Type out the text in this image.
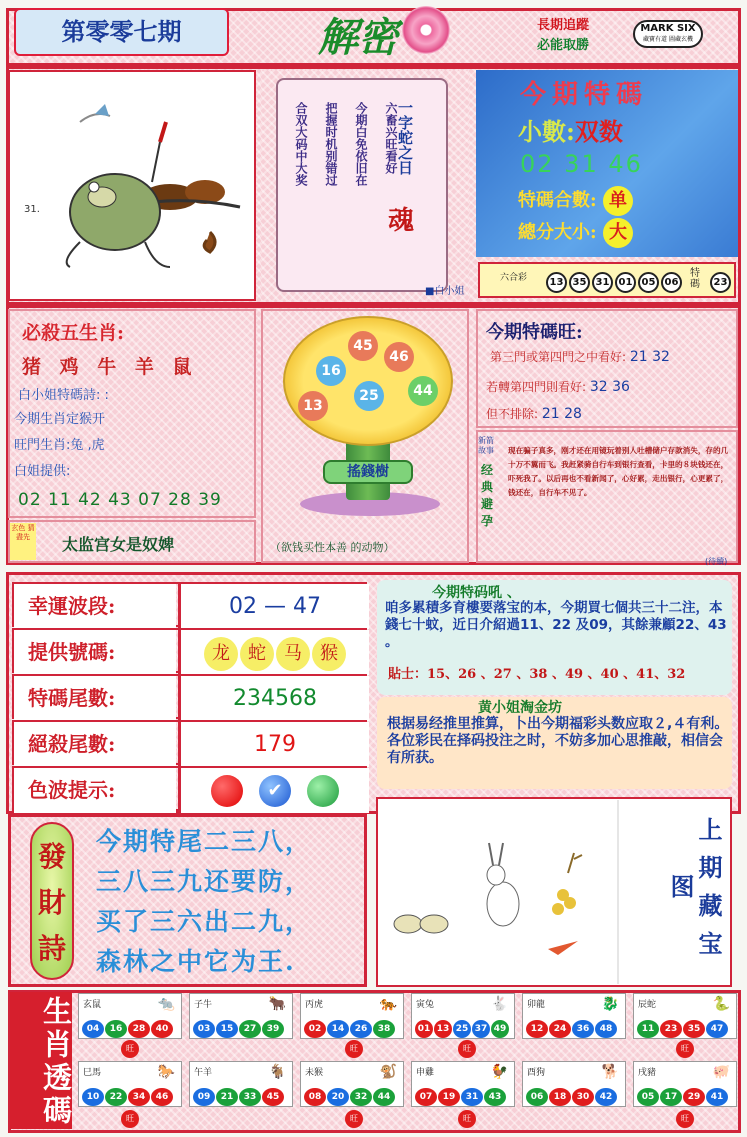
第零零七期	解密	長期追蹤
必能取勝
MARK SIX
藏寶有道 圖藏玄機
31.
六畜兴旺看好
今期白免依旧在
把握时机别错过
合双大码中大奖	一字蛇之日
魂
■白小姐
今期特碼
小數:双数
02 31 46
特碼合數: 单
總分大小: 大
六合彩	13 35 31 01 05 06
特碼	23
必殺五生肖:
猪 鸡 牛 羊 鼠
白小姐特碼詩: :
今期生肖定猴开
旺門生肖:兔 ,虎
白姐提供:
02 11 42 43 07 28 39
玄色 猜 盡先	太监宫女是奴婢
45
46
16
25	44
13
搖錢樹
（欲钱买性本善 的动物）
今期特碼旺:
第三門或第四門之中看好: 21 32
若轉第四門則看好: 32 36
但不排除: 21 28
新箭 故事
经典避孕
现在骗子真多，刚才还在用镜玩着别人吐槽储户存款消失，存的几十万不翼而飞。我赶紧骑自行车到银行查看，卡里的８块钱还在，吓死我了。以后再也不看新闻了，心好累，走出银行，心更累了，钱还在，自行车不见了。
(待續)
幸運波段:	02 — 47
提供號碼:	龙 蛇 马 猴
特碼尾數:	234568
絕殺尾數:	179
色波提示:	✔
今期特码吼 、
咱多累積多育樓要落宝的本，今期買七個共三十二注，本錢七十蚊，近日介紹過11、22 及09，其餘兼顧22、43 。
貼士：15、26 、27 、38 、49 、40 、41、32
黄小姐淘金坊
根据易经推里推算，卜出今期福彩头数应取２,４有利。各位彩民在择码投注之时，不妨多加心思推敲，相信会有所获。
發財詩
今期特尾二三八，
三八三九还要防，
买了三六出二九，
森林之中它为王.	上期藏宝图
生肖透碼 玄鼠	🐀
04 16 28 40
子牛	🐂
03 15 27 39
丙虎	🐅
02 14 26 38
寅兔	🐇
01 13 25 37 49
卯龍	🐉
12 24 36 48
辰蛇	🐍
11 23 35 47
巳馬	🐎
10 22 34 46
午羊	🐐
09 21 33 45
未猴	🐒
08 20 32 44
申雞	🐓
07 19 31 43
酉狗	🐕
06 18 30 42
戌豬	🐖
05 17 29 41
旺	旺	旺	旺
旺	旺	旺	旺
